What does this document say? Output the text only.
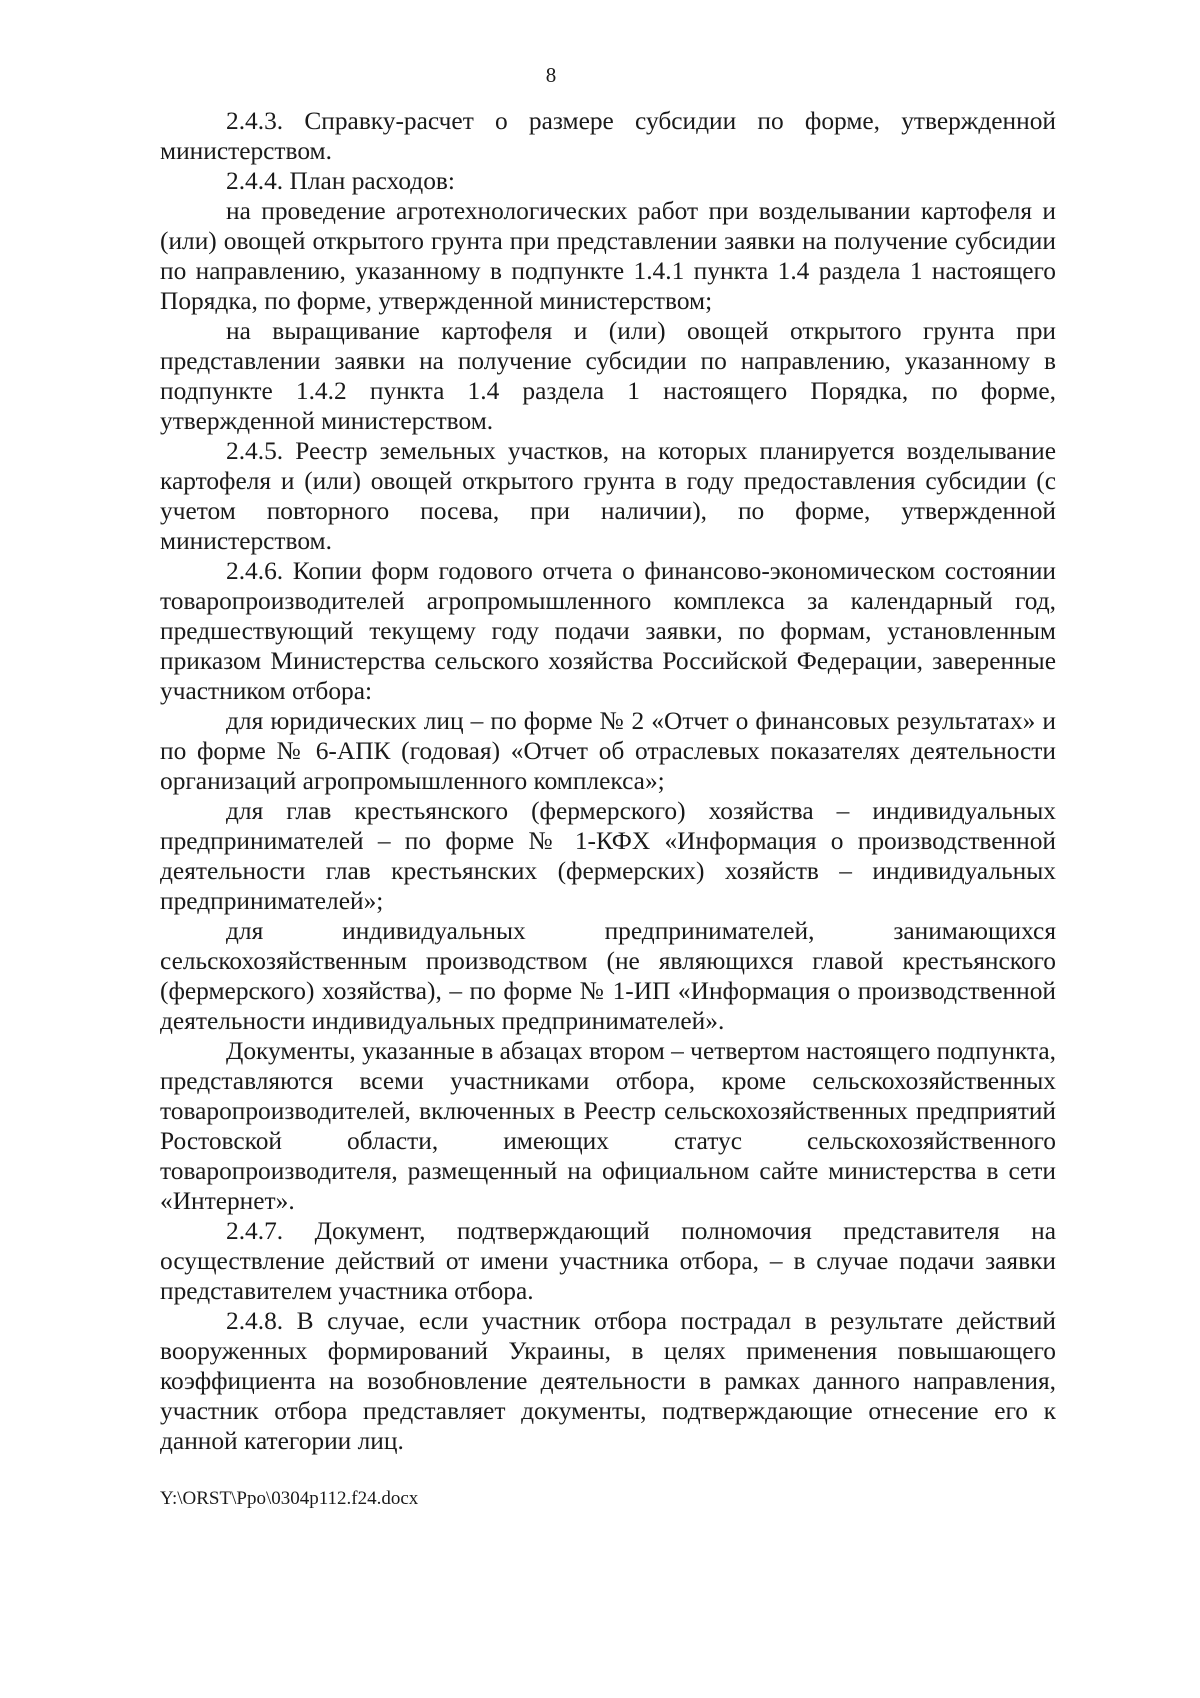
8

2.4.3. Справку-расчет о размере субсидии по форме, утвержденной министерством.

2.4.4. План расходов:

на проведение агротехнологических работ при возделывании картофеля и (или) овощей открытого грунта при представлении заявки на получение субсидии по направлению, указанному в подпункте 1.4.1 пункта 1.4 раздела 1 настоящего Порядка, по форме, утвержденной министерством;

на выращивание картофеля и (или) овощей открытого грунта при представлении заявки на получение субсидии по направлению, указанному в подпункте 1.4.2 пункта 1.4 раздела 1 настоящего Порядка, по форме, утвержденной министерством.

2.4.5. Реестр земельных участков, на которых планируется возделывание картофеля и (или) овощей открытого грунта в году предоставления субсидии (с учетом повторного посева, при наличии), по форме, утвержденной министерством.

2.4.6. Копии форм годового отчета о финансово-экономическом состоянии товаропроизводителей агропромышленного комплекса за календарный год, предшествующий текущему году подачи заявки, по формам, установленным приказом Министерства сельского хозяйства Российской Федерации, заверенные участником отбора:

для юридических лиц – по форме № 2 «Отчет о финансовых результатах» и по форме № 6-АПК (годовая) «Отчет об отраслевых показателях деятельности организаций агропромышленного комплекса»;

для глав крестьянского (фермерского) хозяйства – индивидуальных предпринимателей – по форме № 1-КФХ «Информация о производственной деятельности глав крестьянских (фермерских) хозяйств – индивидуальных предпринимателей»;

для индивидуальных предпринимателей, занимающихся сельскохозяйственным производством (не являющихся главой крестьянского (фермерского) хозяйства), – по форме № 1-ИП «Информация о производственной деятельности индивидуальных предпринимателей».

Документы, указанные в абзацах втором – четвертом настоящего подпункта, представляются всеми участниками отбора, кроме сельскохозяйственных товаропроизводителей, включенных в Реестр сельскохозяйственных предприятий Ростовской области, имеющих статус сельскохозяйственного товаропроизводителя, размещенный на официальном сайте министерства в сети «Интернет».

2.4.7. Документ, подтверждающий полномочия представителя на осуществление действий от имени участника отбора, – в случае подачи заявки представителем участника отбора.

2.4.8. В случае, если участник отбора пострадал в результате действий вооруженных формирований Украины, в целях применения повышающего коэффициента на возобновление деятельности в рамках данного направления, участник отбора представляет документы, подтверждающие отнесение его к данной категории лиц.

Y:\ORST\Ppo\0304p112.f24.docx
